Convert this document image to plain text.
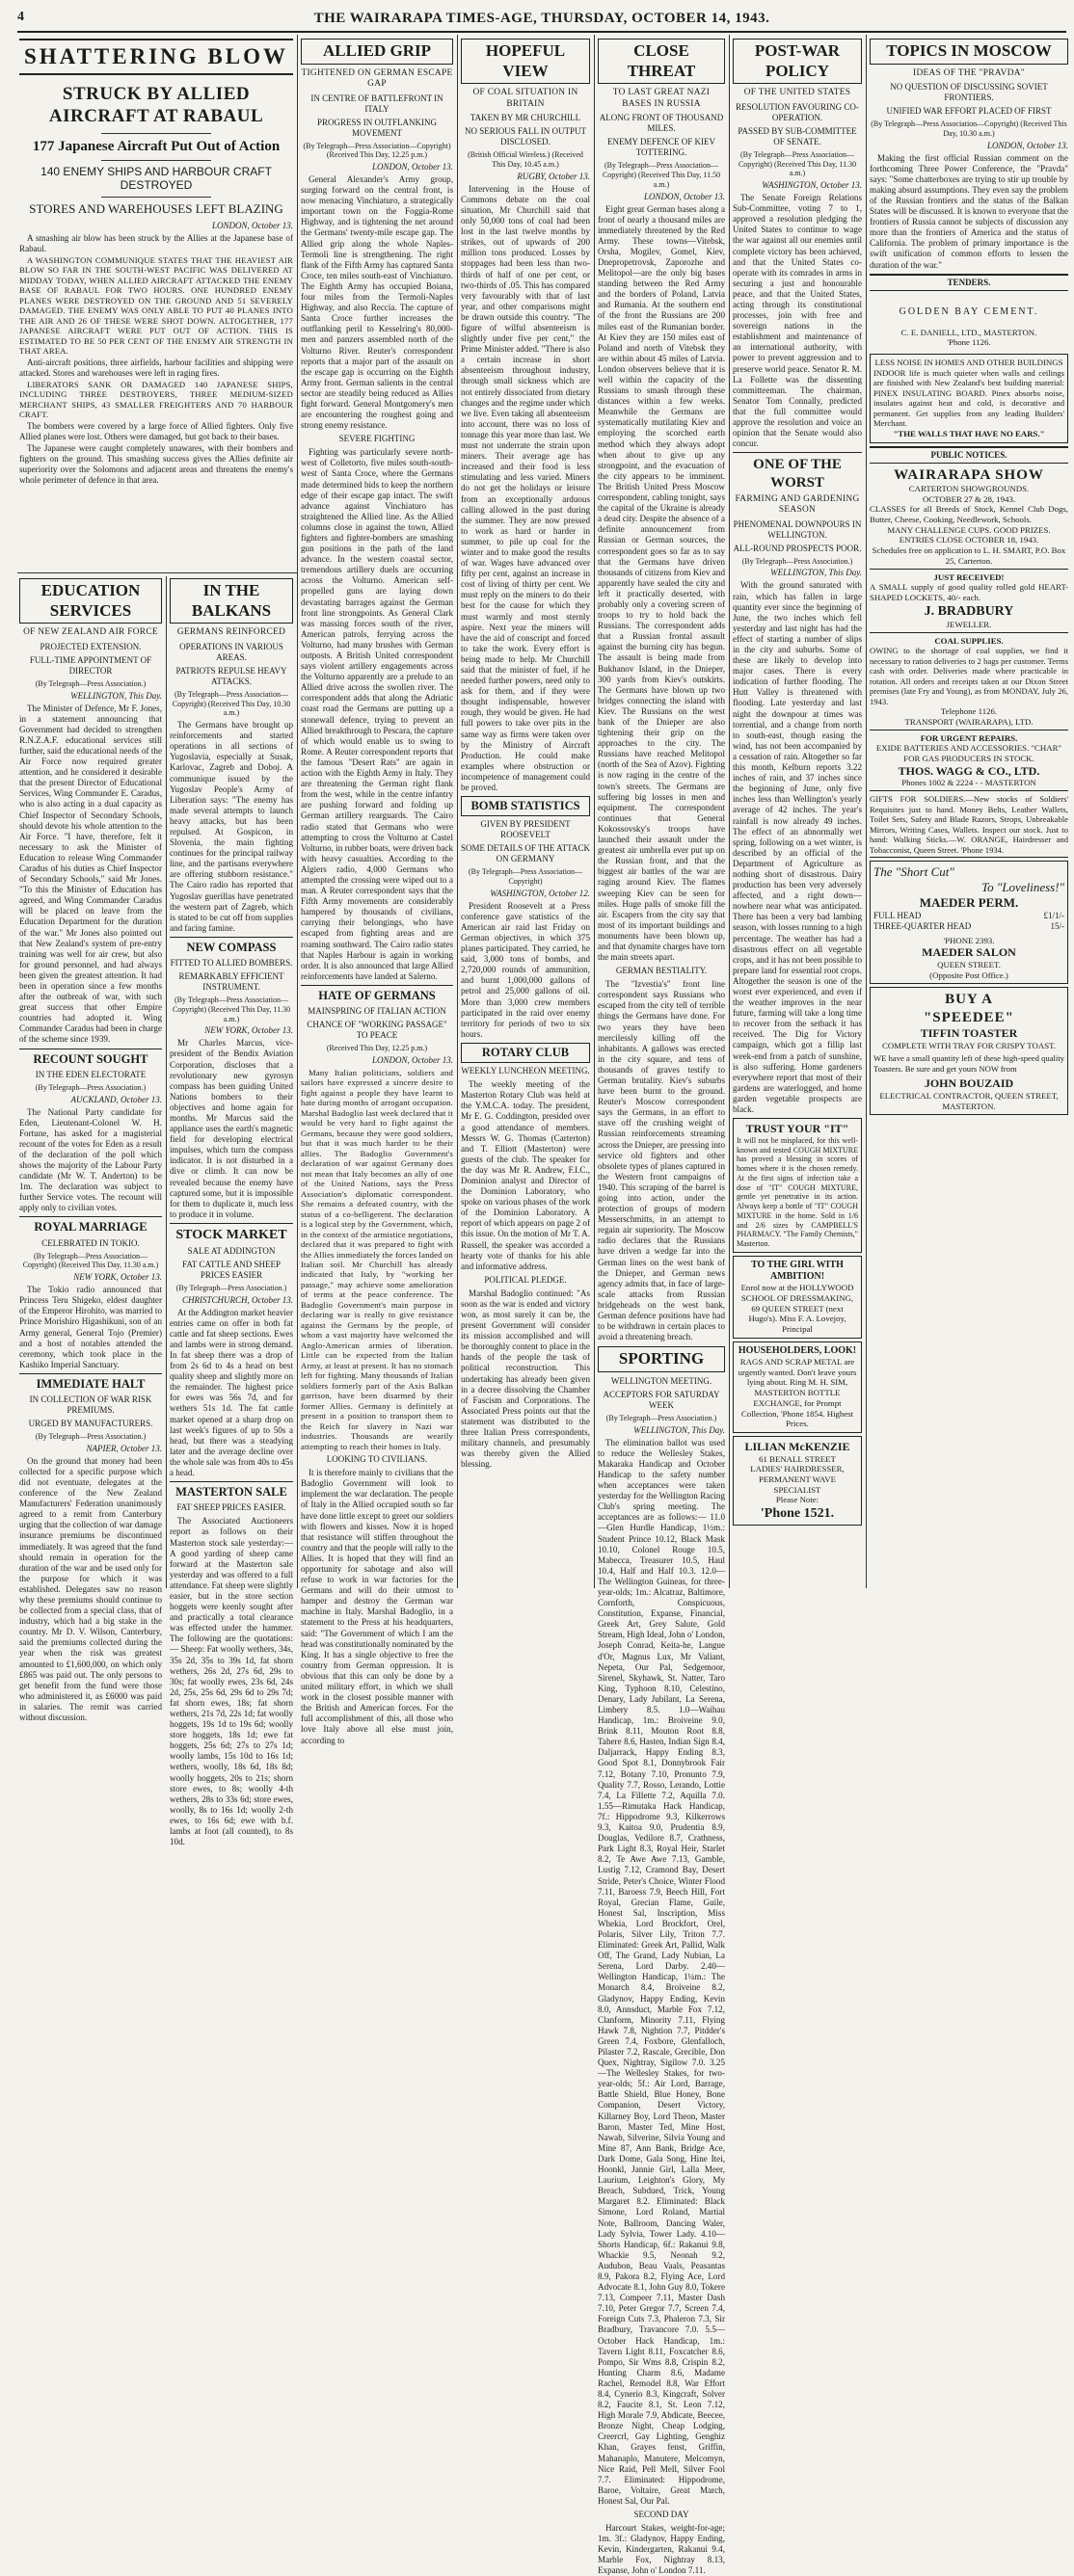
4	THE WAIRARAPA TIMES-AGE, THURSDAY, OCTOBER 14, 1943.
SHATTERING BLOW
STRUCK BY ALLIED AIRCRAFT AT RABAUL
177 Japanese Aircraft Put Out of Action
140 ENEMY SHIPS AND HARBOUR CRAFT DESTROYED
STORES AND WAREHOUSES LEFT BLAZING
LONDON, October 13.

A smashing air blow has been struck by the Allies at the Japanese base of Rabaul.

A WASHINGTON COMMUNIQUE STATES THAT THE HEAVIEST AIR BLOW SO FAR IN THE SOUTH-WEST PACIFIC WAS DELIVERED AT MIDDAY TODAY, WHEN ALLIED AIRCRAFT ATTACKED THE ENEMY BASE OF RABAUL FOR TWO HOURS. ONE HUNDRED ENEMY PLANES WERE DESTROYED ON THE GROUND AND 51 SEVERELY DAMAGED. THE ENEMY WAS ONLY ABLE TO PUT 40 PLANES INTO THE AIR AND 26 OF THESE WERE SHOT DOWN. ALTOGETHER, 177 JAPANESE AIRCRAFT WERE PUT OUT OF ACTION. THIS IS ESTIMATED TO BE 50 PER CENT OF THE ENEMY AIR STRENGTH IN THAT AREA.

Anti-aircraft positions, three airfields, harbour facilities and shipping were attacked. Stores and warehouses were left in raging fires.

LIBERATORS SANK OR DAMAGED 140 JAPANESE SHIPS, INCLUDING THREE DESTROYERS, THREE MEDIUM-SIZED MERCHANT SHIPS, 43 SMALLER FREIGHTERS AND 70 HARBOUR CRAFT.

The bombers were covered by a large force of Allied fighters. Only five Allied planes were lost. Others were damaged, but got back to their bases.

The Japanese were caught completely unawares, with their bombers and fighters on the ground. This smashing success gives the Allies definite air superiority over the Solomons and adjacent areas and threatens the enemy's whole perimeter of defence in that area.

EDUCATION SERVICES
OF NEW ZEALAND AIR FORCE
PROJECTED EXTENSION.
FULL-TIME APPOINTMENT OF DIRECTOR
(By Telegraph—Press Association.)
WELLINGTON, This Day.

The Minister of Defence, Mr F. Jones, in a statement announcing that Government had decided to strengthen R.N.Z.A.F. educational services still further, said the educational needs of the Air Force now required greater attention, and he considered it desirable that the present Director of Educational Services, Wing Commander E. Caradus, who is also acting in a dual capacity as Chief Inspector of Secondary Schools, should devote his whole attention to the Air Force. "I have, therefore, felt it necessary to ask the Minister of Education to release Wing Commander Caradus of his duties as Chief Inspector of Secondary Schools," said Mr Jones. "To this the Minister of Education has agreed, and Wing Commander Caradus will be placed on leave from the Education Department for the duration of the war." Mr Jones also pointed out that New Zealand's system of pre-entry training was well for air crew, but also for ground personnel, and had always been given the greatest attention. It had been in operation since a few months after the outbreak of war, with such great success that other Empire countries had adopted it. Wing Commander Caradus had been in charge of the scheme since 1939.

RECOUNT SOUGHT
IN THE EDEN ELECTORATE
(By Telegraph—Press Association.)
AUCKLAND, October 13.

The National Party candidate for Eden, Lieutenant-Colonel W. H. Fortune, has asked for a magisterial recount of the votes for Eden as a result of the declaration of the poll which shows the majority of the Labour Party candidate (Mr W. T. Anderton) to be 1m. The declaration was subject to further Service votes. The recount will apply only to civilian votes.

ROYAL MARRIAGE
CELEBRATED IN TOKIO.
(By Telegraph—Press Association—Copyright) (Received This Day, 11.30 a.m.)
NEW YORK, October 13.

The Tokio radio announced that Princess Teru Shigeko, eldest daughter of the Emperor Hirohito, was married to Prince Morishiro Higashikuni, son of an Army general, General Tojo (Premier) and a host of notables attended the ceremony, which took place in the Kashiko Imperial Sanctuary.

IMMEDIATE HALT
IN COLLECTION OF WAR RISK PREMIUMS.
URGED BY MANUFACTURERS.
(By Telegraph—Press Association.)
NAPIER, October 13.

On the ground that money had been collected for a specific purpose which did not eventuate, delegates at the conference of the New Zealand Manufacturers' Federation unanimously agreed to a remit from Canterbury urging that the collection of war damage insurance premiums be discontinued immediately. It was agreed that the fund should remain in operation for the duration of the war and be used only for the purpose for which it was established. Delegates saw no reason why these premiums should continue to be collected from a special class, that of industry, which had a big stake in the country. Mr D. V. Wilson, Canterbury, said the premiums collected during the year when the risk was greatest amounted to £1,600,000, on which only £865 was paid out. The only persons to get benefit from the fund were those who administered it, as £6000 was paid in salaries. The remit was carried without discussion.

IN THE BALKANS
GERMANS REINFORCED
OPERATIONS IN VARIOUS AREAS.
PATRIOTS REPULSE HEAVY ATTACKS.
(By Telegraph—Press Association—Copyright) (Received This Day, 10.30 a.m.)

The Germans have brought up reinforcements and started operations in all sections of Yugoslavia, especially at Susak, Karlovac, Zagreb and Doboj. A communique issued by the Yugoslav People's Army of Liberation says: "The enemy has made several attempts to launch heavy attacks, but has been repulsed. At Gospicon, in Slovenia, the main fighting continues for the principal railway line, and the partisans everywhere are offering stubborn resistance." The Cairo radio has reported that Yugoslav guerillas have penetrated the western part of Zagreb, which is stated to be cut off from supplies and facing famine.

NEW COMPASS
FITTED TO ALLIED BOMBERS.
REMARKABLY EFFICIENT INSTRUMENT.
(By Telegraph—Press Association—Copyright) (Received This Day, 11.30 a.m.)
NEW YORK, October 13.

Mr Charles Marcus, vice-president of the Bendix Aviation Corporation, discloses that a revolutionary new gyrosyn compass has been guiding United Nations bombers to their objectives and home again for months. Mr Marcus said the appliance uses the earth's magnetic field for developing electrical impulses, which turn the compass indicator. It is not disturbed in a dive or climb. It can now be revealed because the enemy have captured some, but it is impossible for them to duplicate it, much less to produce it in volume.

STOCK MARKET
SALE AT ADDINGTON
FAT CATTLE AND SHEEP PRICES EASIER
(By Telegraph—Press Association.)
CHRISTCHURCH, October 13.

At the Addington market heavier entries came on offer in both fat cattle and fat sheep sections. Ewes and lambs were in strong demand. In fat sheep there was a drop of from 2s 6d to 4s a head on best quality sheep and slightly more on the remainder. The highest price for ewes was 56s 7d, and for wethers 51s 1d. The fat cattle market opened at a sharp drop on last week's figures of up to 50s a head, but there was a steadying later and the average decline over the whole sale was from 40s to 45s a head.

MASTERTON SALE
FAT SHEEP PRICES EASIER.

The Associated Auctioneers report as follows on their Masterton stock sale yesterday:—A good yarding of sheep came forward at the Masterton sale yesterday and was offered to a full attendance. Fat sheep were slightly easier, but in the store section hoggets were keenly sought after and practically a total clearance was effected under the hammer. The following are the quotations:— Sheep: Fat woolly wethers, 34s, 35s 2d, 35s to 39s 1d, fat shorn wethers, 26s 2d, 27s 6d, 29s to 30s; fat woolly ewes, 23s 6d, 24s 2d, 25s, 25s 6d, 29s 6d to 29s 7d; fat shorn ewes, 18s; fat shorn wethers, 21s 7d, 22s 1d; fat woolly hoggets, 19s 1d to 19s 6d; woolly store hoggets, 18s 1d; ewe fat hoggets, 25s 6d; 27s to 27s 1d; woolly lambs, 15s 10d to 16s 1d; wethers, woolly, 18s 6d, 18s 8d; woolly hoggets, 20s to 21s; shorn store ewes, to 8s; woolly 4-th wethers, 28s to 33s 6d; store ewes, woolly, 8s to 16s 1d; woolly 2-th ewes, to 16s 6d; ewe with b.f. lambs at foot (all counted), to 8s 10d.

ALLIED GRIP
TIGHTENED ON GERMAN ESCAPE GAP
IN CENTRE OF BATTLEFRONT IN ITALY
PROGRESS IN OUTFLANKING MOVEMENT
(By Telegraph—Press Association—Copyright) (Received This Day, 12.25 p.m.)
LONDON, October 13.

General Alexander's Army group, surging forward on the central front, is now menacing Vinchiaturo, a strategically important town on the Foggia-Rome Highway, and is tightening the net around the Germans' twenty-mile escape gap. The Allied grip along the whole Naples-Termoli line is strengthening. The right flank of the Fifth Army has captured Santa Croce, ten miles south-east of Vinchiaturo. The Eighth Army has occupied Boiana, four miles from the Termoli-Naples Highway, and also Reccia. The capture of Santa Croce further increases the outflanking peril to Kesselring's 80,000-men and panzers assembled north of the Volturno River. Reuter's correspondent reports that a major part of the assault on the escape gap is occurring on the Eighth Army front. German salients in the central sector are steadily being reduced as Allies fight forward. General Montgomery's men are encountering the roughest going and strong enemy resistance.

SEVERE FIGHTING

Fighting was particularly severe north-west of Colletorto, five miles south-south-west of Santa Croce, where the Germans made determined bids to keep the northern edge of their escape gap intact. The swift advance against Vinchiaturo has straightened the Allied line. As the Allied columns close in against the town, Allied fighters and fighter-bombers are smashing gun positions in the path of the land advance. In the western coastal sector, tremendous artillery duels are occurring across the Volturno. American self-propelled guns are laying down devastating barrages against the German front line strongpoints. As General Clark was massing forces south of the river, American patrols, ferrying across the Volturno, had many brushes with German outposts. A British United correspondent says violent artillery engagements across the Volturno apparently are a prelude to an Allied drive across the swollen river. The correspondent adds that along the Adriatic coast road the Germans are putting up a stonewall defence, trying to prevent an Allied breakthrough to Pescara, the capture of which would enable us to swing to Rome. A Reuter correspondent reports that the famous "Desert Rats" are again in action with the Eighth Army in Italy. They are threatening the German right flank from the west, while in the centre infantry are pushing forward and folding up German artillery rearguards. The Cairo radio stated that Germans who were attempting to cross the Volturno at Castel Volturno, in rubber boats, were driven back with heavy casualties. According to the Algiers radio, 4,000 Germans who attempted the crossing were wiped out to a man. A Reuter correspondent says that the Fifth Army movements are considerably hampered by thousands of civilians, carrying their belongings, who have escaped from fighting areas and are roaming southward. The Cairo radio states that Naples Harbour is again in working order. It is also announced that large Allied reinforcements have landed at Salerno.

HATE OF GERMANS
MAINSPRING OF ITALIAN ACTION
CHANCE OF "WORKING PASSAGE" TO PEACE
(Received This Day, 12.25 p.m.)
LONDON, October 13.

Many Italian politicians, soldiers and sailors have expressed a sincere desire to fight against a people they have learnt to hate during months of arrogant occupation. Marshal Badoglio last week declared that it would be very hard to fight against the Germans, because they were good soldiers, but that it was much harder to be their allies. The Badoglio Government's declaration of war against Germany does not mean that Italy becomes an ally of one of the United Nations, says the Press Association's diplomatic correspondent. She remains a defeated country, with the status of a co-belligerent. The declaration is a logical step by the Government, which, in the context of the armistice negotiations, declared that it was prepared to fight with the Allies immediately the forces landed on Italian soil. Mr Churchill has already indicated that Italy, by "working her passage," may achieve some amelioration of terms at the peace conference. The Badoglio Government's main purpose in declaring war is really to give resistance against the Germans by the people, of whom a vast majority have welcomed the Anglo-American armies of liberation. Little can be expected from the Italian Army, at least at present. It has no stomach left for fighting. Many thousands of Italian soldiers formerly part of the Axis Balkan garrison, have been disarmed by their former Allies. Germany is definitely at present in a position to transport them to the Reich for slavery in Nazi war industries. Thousands are wearily attempting to reach their homes in Italy.

LOOKING TO CIVILIANS.

It is therefore mainly to civilians that the Badoglio Government will look to implement the war declaration. The people of Italy in the Allied occupied south so far have done little except to greet our soldiers with flowers and kisses. Now it is hoped that resistance will stiffen throughout the country and that the people will rally to the Allies. It is hoped that they will find an opportunity for sabotage and also will refuse to work in war factories for the Germans and will do their utmost to hamper and destroy the German war machine in Italy. Marshal Badoglio, in a statement to the Press at his headquarters, said: "The Government of which I am the head was constitutionally nominated by the King. It has a single objective to free the country from German oppression. It is obvious that this can only be done by a united military effort, in which we shall work in the closest possible manner with the British and American forces. For the full accomplishment of this, all those who love Italy above all else must join, according to

HOPEFUL VIEW
OF COAL SITUATION IN BRITAIN
TAKEN BY MR CHURCHILL
NO SERIOUS FALL IN OUTPUT DISCLOSED.
(British Official Wireless.) (Received This Day, 10.45 a.m.)
RUGBY, October 13.

Intervening in the House of Commons debate on the coal situation, Mr Churchill said that only 50,000 tons of coal had been lost in the last twelve months by strikes, out of upwards of 200 million tons produced. Losses by stoppages had been less than two-thirds of half of one per cent, or two-thirds of .05. This has compared very favourably with that of last year, and other comparisons might be drawn outside this country. "The figure of wilful absenteeism is slightly under five per cent," the Prime Minister added. "There is also a certain increase in short absenteeism throughout industry, through small sickness which are not entirely dissociated from dietary changes and the regime under which we live. Even taking all absenteeism into account, there was no loss of tonnage this year more than last. We must not underrate the strain upon miners. Their average age has increased and their food is less stimulating and less varied. Miners do not get the holidays or leisure from an exceptionally arduous calling allowed in the past during the summer. They are now pressed to work as hard or harder in summer, to pile up coal for the winter and to make good the results of war. Wages have advanced over fifty per cent, against an increase in cost of living of thirty per cent. We must reply on the miners to do their best for the cause for which they must warmly and most sternly aspire. Next year the miners will have the aid of conscript and forced to take the work. Every effort is being made to help. Mr Churchill said that the minister of fuel, if he needed further powers, need only to ask for them, and if they were thought indispensable, however rough, they would be given. He had full powers to take over pits in the same way as firms were taken over by the Ministry of Aircraft Production. He could make examples where obstruction or incompetence of management could be proved.

BOMB STATISTICS
GIVEN BY PRESIDENT ROOSEVELT
SOME DETAILS OF THE ATTACK ON GERMANY
(By Telegraph—Press Association—Copyright)
WASHINGTON, October 12.

President Roosevelt at a Press conference gave statistics of the American air raid last Friday on German objectives, in which 375 planes participated. They carried, he said, 3,000 tons of bombs, and 2,720,000 rounds of ammunition, and burnt 1,000,000 gallons of petrol and 25,000 gallons of oil. More than 3,000 crew members participated in the raid over enemy territory for periods of two to six hours.

ROTARY CLUB
WEEKLY LUNCHEON MEETING.

The weekly meeting of the Masterton Rotary Club was held at the Y.M.C.A. today. The president, Mr E. G. Coddington, presided over a good attendance of members. Messrs W. G. Thomas (Carterton) and T. Elliott (Masterton) were guests of the club. The speaker for the day was Mr R. Andrew, F.I.C., Dominion analyst and Director of the Dominion Laboratory, who spoke on various phases of the work of the Dominion Laboratory. A report of which appears on page 2 of this issue. On the motion of Mr T. A. Russell, the speaker was accorded a hearty vote of thanks for his able and informative address.

POLITICAL PLEDGE.

Marshal Badoglio continued: "As soon as the war is ended and victory won, as most surely it can be, the present Government will consider its mission accomplished and will be thoroughly content to place in the hands of the people the task of political reconstruction. This undertaking has already been given in a decree dissolving the Chamber of Fascism and Corporations. The Associated Press points out that the statement was distributed to the three Italian Press correspondents, military channels, and presumably was thereby given the Allied blessing.

CLOSE THREAT
TO LAST GREAT NAZI BASES IN RUSSIA
ALONG FRONT OF THOUSAND MILES.
ENEMY DEFENCE OF KIEV TOTTERING.
(By Telegraph—Press Association—Copyright) (Received This Day, 11.50 a.m.)
LONDON, October 13.

Eight great German bases along a front of nearly a thousand miles are immediately threatened by the Red Army. These towns—Vitebsk, Orsha, Mogilev, Gomel, Kiev, Dnepropetrovsk, Zaporozhe and Melitopol—are the only big bases standing between the Red Army and the borders of Poland, Latvia and Rumania. At the southern end of the front the Russians are 200 miles east of the Rumanian border. At Kiev they are 150 miles east of Poland and north of Vitebsk they are within about 45 miles of Latvia. London observers believe that it is well within the capacity of the Russians to smash through these distances within a few weeks. Meanwhile the Germans are systematically mutilating Kiev and employing the scorched earth method which they always adopt when about to give up any strongpoint, and the evacuation of the city appears to be imminent. The British United Press Moscow correspondent, cabling tonight, says the capital of the Ukraine is already a dead city. Despite the absence of a definite announcement from Russian or German sources, the correspondent goes so far as to say that the Germans have driven thousands of citizens from Kiev and apparently have sealed the city and left it practically deserted, with probably only a covering screen of troops to try to hold back the Russians. The correspondent adds that a Russian frontal assault against the burning city has begun. The assault is being made from Bukhanov Island, in the Dnieper, 300 yards from Kiev's outskirts. The Germans have blown up two bridges connecting the island with Kiev. The Russians on the west bank of the Dnieper are also tightening their grip on the approaches to the city. The Russians have reached Melitopol (north of the Sea of Azov). Fighting is now raging in the centre of the town's streets. The Germans are suffering big losses in men and equipment. The correspondent continues that General Kokossovsky's troops have launched their assault under the greatest air umbrella ever put up on the Russian front, and that the biggest air battles of the war are raging around Kiev. The flames sweeping Kiev can be seen for miles. Huge palls of smoke fill the air. Escapers from the city say that most of its important buildings and monuments have been blown up, and that dynamite charges have torn the main streets apart.

GERMAN BESTIALITY.

The "Izvestia's" front line correspondent says Russians who escaped from the city tell of terrible things the Germans have done. For two years they have been mercilessly killing off the inhabitants. A gallows was erected in the city square, and tens of thousands of graves testify to German brutality. Kiev's suburbs have been burnt to the ground. Reuter's Moscow correspondent says the Germans, in an effort to stave off the crushing weight of Russian reinforcements streaming across the Dnieper, are pressing into service old fighters and other obsolete types of planes captured in the Western front campaigns of 1940. This scraping of the barrel is going into action, under the protection of groups of modern Messerschmitts, in an attempt to regain air superiority. The Moscow radio declares that the Russians have driven a wedge far into the German lines on the west bank of the Dnieper, and German news agency admits that, in face of large-scale attacks from Russian bridgeheads on the west bank, German defence positions have had to be withdrawn in certain places to avoid a threatening breach.

SPORTING
WELLINGTON MEETING.
ACCEPTORS FOR SATURDAY WEEK
(By Telegraph—Press Association.)
WELLINGTON, This Day.

The elimination ballot was used to reduce the Wellesley Stakes, Makaraka Handicap and October Handicap to the safety number when acceptances were taken yesterday for the Wellington Racing Club's spring meeting. The acceptances are as follows:— 11.0—Glen Hurdle Handicap, 1½m.: Student Prince 10.12, Black Mask 10.10, Colonel Rouge 10.5, Mabecca, Treasurer 10.5, Haul 10.4, Half and Half 10.3. 12.0—The Wellington Guineas, for three-year-olds; 1m.: Alcatraz, Baltimore, Cornforth, Conspicuous, Constitution, Expanse, Financial, Greek Art, Grey Salute, Gold Stream, High Ideal, John o' London, Joseph Conrad, Keita-he, Langue d'Or, Magnus Lux, Mr Valiant, Nepeta, Our Pal, Sedgemoor, Sirenel, Skyhawk, St. Natter, Taro King, Typhoon 8.10, Celestino, Denary, Lady Jubilant, La Serena, Limbery 8.5. 1.0—Waihau Handicap, 1m.: Broiveine 9.0, Brink 8.11, Mouton Root 8.8, Tahere 8.6, Hasten, Indian Sign 8.4, Daljarrack, Happy Ending 8.3, Good Spot 8.1, Donnybrook Fair 7.12, Botany 7.10, Pronunto 7.9, Quality 7.7, Rosso, Lerando, Lottie 7.4, La Fillette 7.2, Aquilla 7.0. 1.55—Rimutaka Hack Handicap, 7f.: Hippodrome 9.3, Kilkerrows 9.3, Kaitoa 9.0, Prudentia 8.9, Douglas, Vedilore 8.7, Crathness, Park Light 8.3, Royal Heir, Starlet 8.2, Te Awe Awe 7.13, Gamble, Lustig 7.12, Cramond Bay, Desert Stride, Peter's Choice, Winter Flood 7.11, Baroess 7.9, Beech Hill, Fort Royal, Grecian Flame, Guile, Honest Sal, Inscription, Miss Whekia, Lord Brockfort, Orel, Polaris, Silver Lily, Triton 7.7. Eliminated: Greek Art, Pallid, Walk Off, The Grand, Lady Nubian, La Serena, Lord Darby. 2.40—Wellington Handicap, 1¼m.: The Monarch 8.4, Broiveine 8.2, Gladynov, Happy Ending, Kevin 8.0, Annsduct, Marble Fox 7.12, Clanform, Minority 7.11, Flying Hawk 7.8, Nightion 7.7, Pitdder's Green 7.4, Foxbore, Glenfalloch, Pilaster 7.2, Rascale, Grecible, Don Quex, Nightray, Sigilow 7.0. 3.25—The Wellesley Stakes, for two-year-olds; 5f.: Air Lord, Barrage, Battle Shield, Blue Honey, Bone Companion, Desert Victory, Killarney Boy, Lord Theon, Master Baron, Master Ted, Mine Host, Nawab, Silverine, Silvia Young and Mine 87, Ann Bank, Bridge Ace, Dark Dome, Gala Song, Hine Itei, Hoonkl, Jannie Girl, Lalla Meer, Laurium, Leighton's Glory, My Breach, Subdued, Trick, Young Margaret 8.2. Eliminated: Black Simone, Lord Roland, Martial Note, Ballroom, Dancing Waler, Lady Sylvia, Tower Lady. 4.10—Shorts Handicap, 6f.: Rakanui 9.8, Whackie 9.5, Neonah 9.2, Audubon, Beau Vaals, Peasantas 8.9, Pakora 8.2, Flying Ace, Lord Advocate 8.1, John Guy 8.0, Tokere 7.13, Compeer 7.11, Master Dash 7.10, Peter Gregor 7.7, Screen 7.4, Foreign Cuts 7.3, Phaleron 7.3, Sir Bradbury, Travancore 7.0. 5.5—October Hack Handicap, 1m.: Tavern Light 8.11, Foxcatcher 8.6, Pompo, Sir Wms 8.8, Crispin 8.2, Hunting Charm 8.6, Madame Rachel, Remodel 8.8, War Effort 8.4, Cynerio 8.3, Kingcraft, Solver 8.2, Faucite 8.1, St. Leon 7.12, High Morale 7.9, Abdicate, Beecee, Bronze Night, Cheap Lodging, Creercrl, Gay Lighting, Genghiz Khan, Grayes fenst, Griffin, Mahanaplo, Manutere, Melcomyn, Nice Raid, Pell Mell, Silver Fool 7.7. Eliminated: Hippodrome, Baroe, Voltaire, Great March, Honest Sal, Our Pal.

SECOND DAY

Harcourt Stakes, weight-for-age; 1m. 3f.: Gladynov, Happy Ending, Kevin, Kindergarten, Rakanui 9.4, Marble Fox, Nightray 8.13, Expanse, John o' London 7.11.

POST-WAR POLICY
OF THE UNITED STATES
RESOLUTION FAVOURING CO-OPERATION.
PASSED BY SUB-COMMITTEE OF SENATE.
(By Telegraph—Press Association—Copyright) (Received This Day, 11.30 a.m.)
WASHINGTON, October 13.

The Senate Foreign Relations Sub-Committee, voting 7 to 1, approved a resolution pledging the United States to continue to wage the war against all our enemies until complete victory has been achieved, and that the United States co-operate with its comrades in arms in securing a just and honourable peace, and that the United States, acting through its constitutional processes, join with free and sovereign nations in the establishment and maintenance of an international authority, with power to prevent aggression and to preserve world peace. Senator R. M. La Follette was the dissenting committeeman. The chairman, Senator Tom Connally, predicted that the full committee would approve the resolution and voice an opinion that the Senate would also concur.

ONE OF THE WORST
FARMING AND GARDENING SEASON
PHENOMENAL DOWNPOURS IN WELLINGTON.
ALL-ROUND PROSPECTS POOR.
(By Telegraph—Press Association.)
WELLINGTON, This Day.

With the ground saturated with rain, which has fallen in large quantity ever since the beginning of June, the two inches which fell yesterday and last night has had the effect of starting a number of slips in the city and suburbs. Some of these are likely to develop into major cases. There is every indication of further flooding. The Hutt Valley is threatened with flooding. Late yesterday and last night the downpour at times was torrential, and a change from north to south-east, though easing the wind, has not been accompanied by a cessation of rain. Altogether so far this month, Kelburn reports 3.22 inches of rain, and 37 inches since the beginning of June, only five inches less than Wellington's yearly average of 42 inches. The year's rainfall is now already 49 inches. The effect of an abnormally wet spring, following on a wet winter, is described by an official of the Department of Agriculture as nothing short of disastrous. Dairy production has been very adversely affected, and a right down—nowhere near what was anticipated. There has been a very bad lambing season, with losses running to a high percentage. The weather has had a disastrous effect on all vegetable crops, and it has not been possible to prepare land for essential root crops. Altogether the season is one of the worst ever experienced, and even if the weather improves in the near future, farming will take a long time to recover from the setback it has received. The Dig for Victory campaign, which got a fillip last week-end from a patch of sunshine, is also suffering. Home gardeners everywhere report that most of their gardens are waterlogged, and home garden vegetable prospects are black.

TRUST YOUR "IT"
It will not be misplaced, for this well-known and tested COUGH MIXTURE has proved a blessing in scores of homes where it is the chosen remedy. At the first signs of infection take a dose of "IT" COUGH MIXTURE, gentle yet penetrative in its action. Always keep a bottle of "IT" COUGH MIXTURE in the home. Sold in 1/6 and 2/6 sizes by CAMPBELL'S PHARMACY. "The Family Chemists," Masterton.
TO THE GIRL WITH AMBITION!
Enrol now at the HOLLYWOOD SCHOOL OF DRESSMAKING, 69 QUEEN STREET (next Hugo's). Miss F. A. Lovejoy, Principal
HOUSEHOLDERS, LOOK!
RAGS AND SCRAP METAL are urgently wanted. Don't leave yours lying about. Ring M. H. SIM, MASTERTON BOTTLE EXCHANGE, for Prompt Collection, 'Phone 1854. Highest Prices.
LILIAN McKENZIE
61 BENALL STREET
LADIES' HAIRDRESSER, PERMANENT WAVE SPECIALIST
Please Note:
'Phone 1521.
TOPICS IN MOSCOW
IDEAS OF THE "PRAVDA"
NO QUESTION OF DISCUSSING SOVIET FRONTIERS.
UNIFIED WAR EFFORT PLACED OF FIRST
(By Telegraph—Press Association—Copyright) (Received This Day, 10.30 a.m.)
LONDON, October 13.

Making the first official Russian comment on the forthcoming Three Power Conference, the "Pravda" says: "Some chatterboxes are trying to stir up trouble by making absurd assumptions. They even say the problem of the Russian frontiers and the status of the Balkan States will be discussed. It is known to everyone that the frontiers of Russia cannot be subjects of discussion any more than the frontiers of America and the status of California. The problem of primary importance is the swift unification of common efforts to lessen the duration of the war."

TENDERS.
GOLDEN BAY CEMENT.
C. E. DANIELL, LTD., MASTERTON.
'Phone 1126.
LESS NOISE IN HOMES AND OTHER BUILDINGS
INDOOR life is much quieter when walls and ceilings are finished with New Zealand's best building material: PINEX INSULATING BOARD. Pinex absorbs noise, insulates against heat and cold, is decorative and permanent. Get supplies from any leading Builders' Merchant.
"THE WALLS THAT HAVE NO EARS."
PUBLIC NOTICES.
WAIRARAPA SHOW
CARTERTON SHOWGROUNDS.
OCTOBER 27 & 28, 1943.
CLASSES for all Breeds of Stock, Kennel Club Dogs, Butter, Cheese, Cooking, Needlework, Schools.
MANY CHALLENGE CUPS. GOOD PRIZES.
ENTRIES CLOSE OCTOBER 18, 1943.
Schedules free on application to L. H. SMART, P.O. Box 25, Carterton.
JUST RECEIVED!
A SMALL supply of good quality rolled gold HEART-SHAPED LOCKETS, 40/- each.
J. BRADBURY
JEWELLER.
COAL SUPPLIES.
OWING to the shortage of coal supplies, we find it necessary to ration deliveries to 2 bags per customer. Terms cash with order. Deliveries made where practicable in rotation. All orders and receipts taken at our Dixon Street premises (late Fry and Young), as from MONDAY, July 26, 1943.
Telephone 1126.
TRANSPORT (WAIRARAPA), LTD.
FOR URGENT REPAIRS.
EXIDE BATTERIES AND ACCESSORIES. "CHAR" FOR GAS PRODUCERS IN STOCK.
THOS. WAGG & CO., LTD.
Phones 1002 & 2224 - - MASTERTON
GIFTS FOR SOLDIERS.—New stocks of Soldiers' Requisites just to hand. Money Belts, Leather Wallets, Toilet Sets, Safety and Blade Razors, Strops, Unbreakable Mirrors, Writing Cases, Wallets. Inspect our stock. Just to hand: Walking Sticks.—W. ORANGE, Hairdresser and Tobacconist, Queen Street. 'Phone 1934.
The "Short Cut"
To "Loveliness!"
MAEDER PERM.
FULL HEAD	£1/1/-
THREE-QUARTER HEAD	15/-
'PHONE 2393.
MAEDER SALON
QUEEN STREET.
(Opposite Post Office.)
BUY A
"SPEEDEE"
TIFFIN TOASTER
COMPLETE WITH TRAY FOR CRISPY TOAST.
WE have a small quantity left of these high-speed quality Toasters. Be sure and get yours NOW from
JOHN BOUZAID
ELECTRICAL CONTRACTOR, QUEEN STREET,
MASTERTON.
